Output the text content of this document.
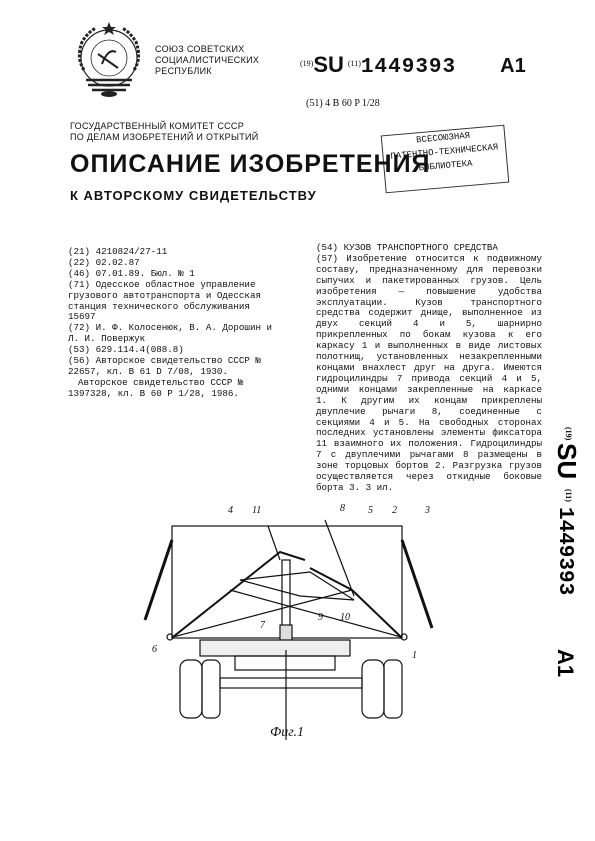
СОЮЗ СОВЕТСКИХ
СОЦИАЛИСТИЧЕСКИХ
РЕСПУБЛИК
$^{(19)}$SU $^{(11)}$1449393 A1
(51) 4 B 60 P 1/28
ГОСУДАРСТВЕННЫЙ КОМИТЕТ СССР
ПО ДЕЛАМ ИЗОБРЕТЕНИЙ И ОТКРЫТИЙ	ВСЕСОЮЗНАЯ
ПАТЕНТНО-ТЕХНИЧЕСКАЯ
БИБЛИОТЕКА
ОПИСАНИЕ ИЗОБРЕТЕНИЯ
К АВТОРСКОМУ СВИДЕТЕЛЬСТВУ

(21) 4210824/27-11

(22) 02.02.87

(46) 07.01.89. Бюл. № 1

(71) Одесское областное управление грузового автотранспорта и Одесская станция технического обслуживания 15697

(72) И. Ф. Колосенюк, В. А. Дорошин и Л. И. Повержук

(53) 629.114.4(088.8)

(56) Авторское свидетельство СССР № 22657, кл. B 61 D 7/08, 1930.

Авторское свидетельство СССР № 1397328, кл. B 60 P 1/28, 1986.

(54) КУЗОВ ТРАНСПОРТНОГО СРЕДСТВА

(57) Изобретение относится к подвижному составу, предназначенному для перевозки сыпучих и пакетированных грузов. Цель изобретения — повышение удобства эксплуатации. Кузов транспортного средства содержит днище, выполненное из двух секций 4 и 5, шарнирно прикрепленных по бокам кузова к его каркасу 1 и выполненных в виде листовых полотнищ, установленных незакрепленными концами внахлест друг на друга. Имеются гидроцилиндры 7 привода секций 4 и 5, одними концами закрепленные на каркасе 1. К другим их концам прикреплены двуплечие рычаги 8, соединенные с секциями 4 и 5. На свободных сторонах последних установлены элементы фиксатора 11 взаимного их положения. Гидроцилиндры 7 с двуплечими рычагами 8 размещены в зоне торцовых бортов 2. Разгрузка грузов осуществляется через откидные боковые борта 3. 3 ил.

(19)
SU
(11)
1449393
A1
4 11	8 5 2	3
6
7
9 10
1
Фиг.1
